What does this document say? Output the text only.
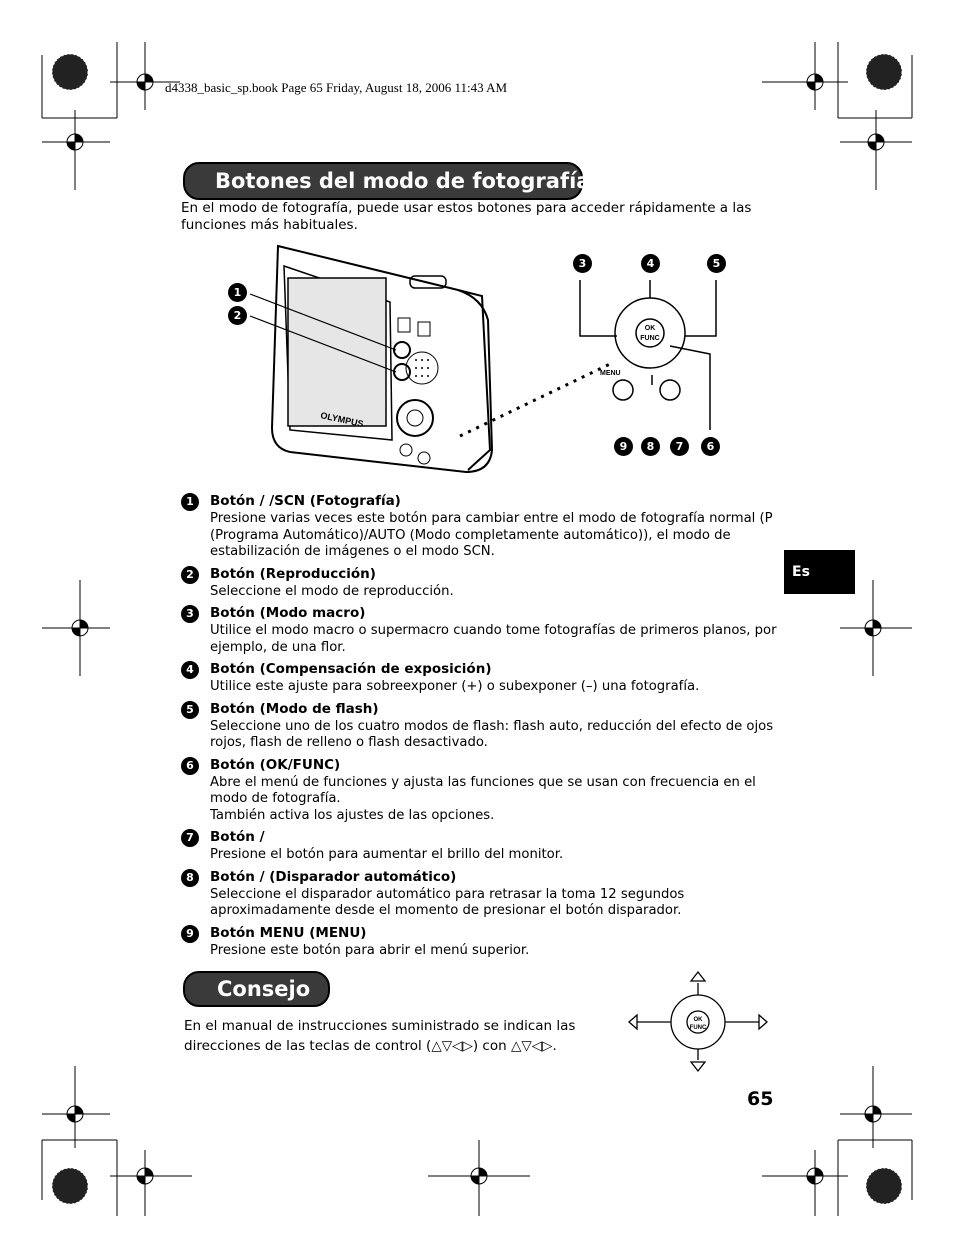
d4338_basic_sp.book Page 65 Friday, August 18, 2006 11:43 AM
Botones del modo de fotografía
En el modo de fotografía, puede usar estos botones para acceder rápidamente a las funciones más habituales.
OLYMPUS
OK
FUNC
MENU
1
2
3	4	5
9	8	7	6
1	Botón / /SCN (Fotografía)
Presione varias veces este botón para cambiar entre el modo de fotografía normal (P (Programa Automático)/AUTO (Modo completamente automático)), el modo de estabilización de imágenes o el modo SCN.
2	Botón (Reproducción)
Seleccione el modo de reproducción.
3	Botón (Modo macro)
Utilice el modo macro o supermacro cuando tome fotografías de primeros planos, por ejemplo, de una flor.
4	Botón (Compensación de exposición)
Utilice este ajuste para sobreexponer (+) o subexponer (–) una fotografía.
5	Botón (Modo de flash)
Seleccione uno de los cuatro modos de flash: flash auto, reducción del efecto de ojos rojos, flash de relleno o flash desactivado.
6	Botón (OK/FUNC)
Abre el menú de funciones y ajusta las funciones que se usan con frecuencia en el modo de fotografía.
También activa los ajustes de las opciones.
7	Botón /
Presione el botón para aumentar el brillo del monitor.
8	Botón / (Disparador automático)
Seleccione el disparador automático para retrasar la toma 12 segundos aproximadamente desde el momento de presionar el botón disparador.
9	Botón MENU (MENU)
Presione este botón para abrir el menú superior.
Es
Consejo
En el manual de instrucciones suministrado se indican las direcciones de las teclas de control (△▽◁▷) con △▽◁▷.
OK
FUNC
65
